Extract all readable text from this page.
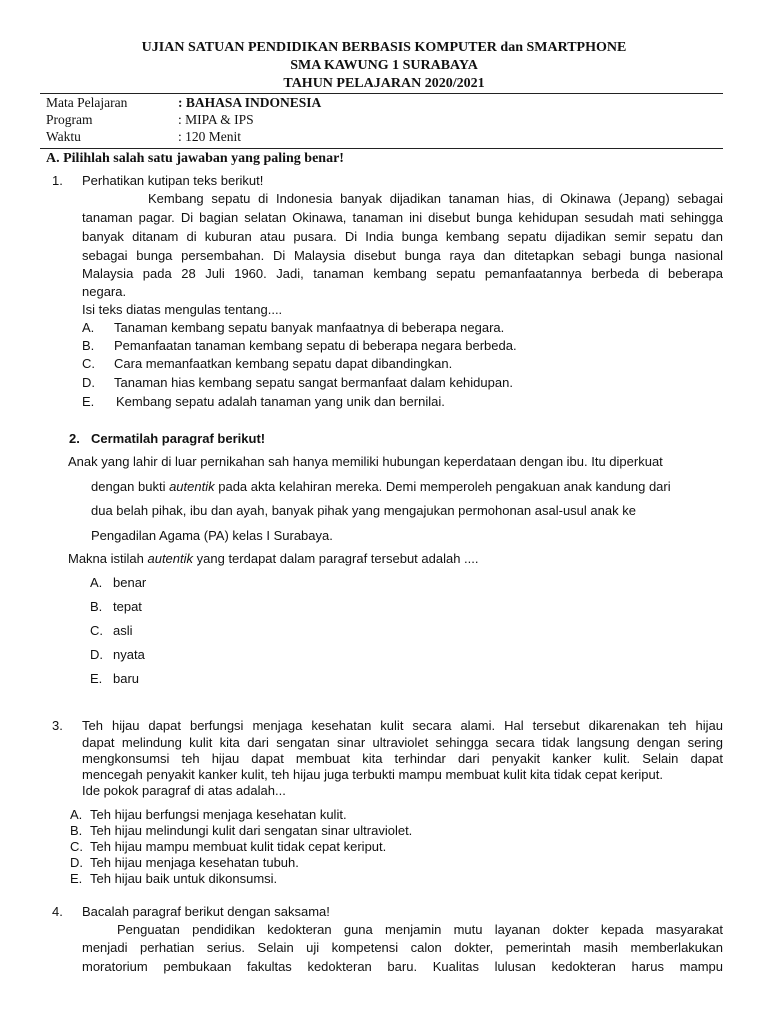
UJIAN SATUAN PENDIDIKAN BERBASIS KOMPUTER dan SMARTPHONE
SMA KAWUNG 1 SURABAYA
TAHUN PELAJARAN 2020/2021
Mata Pelajaran	: BAHASA INDONESIA
Program	: MIPA & IPS
Waktu	: 120 Menit
A. Pilihlah salah satu jawaban yang paling benar!
1. Perhatikan kutipan teks berikut!
Kembang sepatu di Indonesia banyak dijadikan tanaman hias, di Okinawa (Jepang) sebagai
tanaman pagar. Di bagian selatan Okinawa, tanaman ini disebut bunga kehidupan sesudah mati sehingga
banyak ditanam di kuburan atau pusara. Di India bunga kembang sepatu dijadikan semir sepatu dan
sebagai bunga persembahan. Di Malaysia disebut bunga raya dan ditetapkan sebagi bunga nasional
Malaysia pada 28 Juli 1960. Jadi, tanaman kembang sepatu pemanfaatannya berbeda di beberapa
negara.
Isi teks diatas mengulas tentang....
A. Tanaman kembang sepatu banyak manfaatnya di beberapa negara.
B. Pemanfaatan tanaman kembang sepatu di beberapa negara berbeda.
C. Cara memanfaatkan kembang sepatu dapat dibandingkan.
D. Tanaman hias kembang sepatu sangat bermanfaat dalam kehidupan.
E. Kembang sepatu adalah tanaman yang unik dan bernilai.
2. Cermatilah paragraf berikut!
Anak yang lahir di luar pernikahan sah hanya memiliki hubungan keperdataan dengan ibu. Itu diperkuat
dengan bukti autentik pada akta kelahiran mereka. Demi memperoleh pengakuan anak kandung dari
dua belah pihak, ibu dan ayah, banyak pihak yang mengajukan permohonan asal-usul anak ke
Pengadilan Agama (PA) kelas I Surabaya.
Makna istilah autentik yang terdapat dalam paragraf tersebut adalah ....
A. benar
B. tepat
C. asli
D. nyata
E. baru
3. Teh hijau dapat berfungsi menjaga kesehatan kulit secara alami. Hal tersebut dikarenakan teh hijau
dapat melindung kulit kita dari sengatan sinar ultraviolet sehingga secara tidak langsung dengan sering
mengkonsumsi teh hijau dapat membuat kita terhindar dari penyakit kanker kulit. Selain dapat
mencegah penyakit kanker kulit, teh hijau juga terbukti mampu membuat kulit kita tidak cepat keriput.
Ide pokok paragraf di atas adalah...
A. Teh hijau berfungsi menjaga kesehatan kulit.
B. Teh hijau melindungi kulit dari sengatan sinar ultraviolet.
C. Teh hijau mampu membuat kulit tidak cepat keriput.
D. Teh hijau menjaga kesehatan tubuh.
E. Teh hijau baik untuk dikonsumsi.
4. Bacalah paragraf berikut dengan saksama!
Penguatan pendidikan kedokteran guna menjamin mutu layanan dokter kepada masyarakat
menjadi perhatian serius. Selain uji kompetensi calon dokter, pemerintah masih memberlakukan
moratorium pembukaan fakultas kedokteran baru. Kualitas lulusan kedokteran harus mampu
